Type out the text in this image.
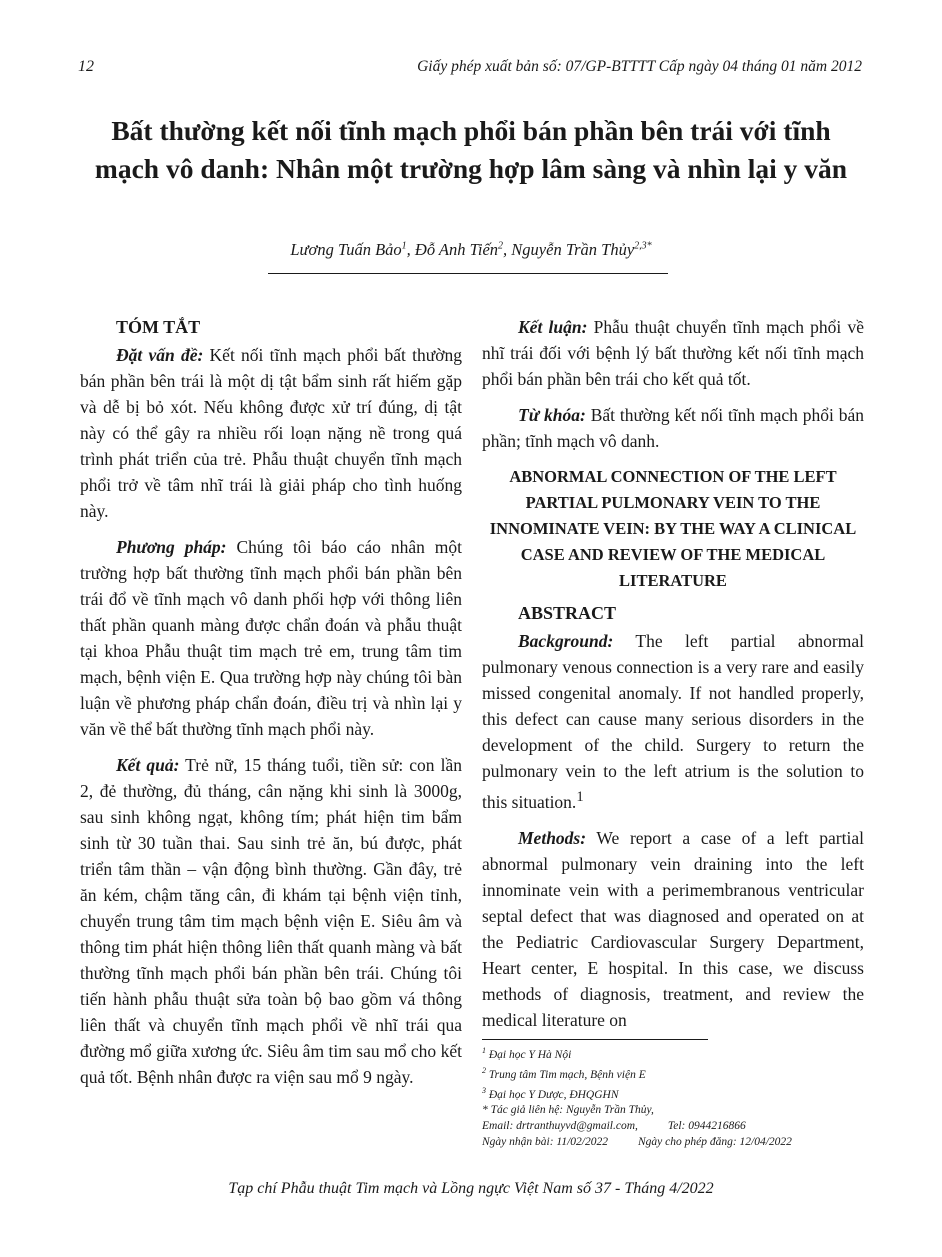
12	Giấy phép xuất bản số: 07/GP-BTTTT Cấp ngày 04 tháng 01 năm 2012
Bất thường kết nối tĩnh mạch phổi bán phần bên trái với tĩnh
mạch vô danh: Nhân một trường hợp lâm sàng và nhìn lại y văn
Lương Tuấn Bảo$^1$, Đỗ Anh Tiến$^2$, Nguyễn Trần Thủy$^{2,3*}$
TÓM TẮT

Đặt vấn đề: Kết nối tĩnh mạch phổi bất thường bán phần bên trái là một dị tật bẩm sinh rất hiếm gặp và dễ bị bỏ xót. Nếu không được xử trí đúng, dị tật này có thể gây ra nhiều rối loạn nặng nề trong quá trình phát triển của trẻ. Phẫu thuật chuyển tĩnh mạch phổi trở về tâm nhĩ trái là giải pháp cho tình huống này.

Phương pháp: Chúng tôi báo cáo nhân một trường hợp bất thường tĩnh mạch phổi bán phần bên trái đổ về tĩnh mạch vô danh phối hợp với thông liên thất phần quanh màng được chẩn đoán và phẫu thuật tại khoa Phẫu thuật tim mạch trẻ em, trung tâm tim mạch, bệnh viện E. Qua trường hợp này chúng tôi bàn luận về phương pháp chẩn đoán, điều trị và nhìn lại y văn về thể bất thường tĩnh mạch phổi này.

Kết quả: Trẻ nữ, 15 tháng tuổi, tiền sử: con lần 2, đẻ thường, đủ tháng, cân nặng khi sinh là 3000g, sau sinh không ngạt, không tím; phát hiện tim bẩm sinh từ 30 tuần thai. Sau sinh trẻ ăn, bú được, phát triển tâm thần – vận động bình thường. Gần đây, trẻ ăn kém, chậm tăng cân, đi khám tại bệnh viện tỉnh, chuyển trung tâm tim mạch bệnh viện E. Siêu âm và thông tim phát hiện thông liên thất quanh màng và bất thường tĩnh mạch phổi bán phần bên trái. Chúng tôi tiến hành phẫu thuật sửa toàn bộ bao gồm vá thông liên thất và chuyển tĩnh mạch phổi về nhĩ trái qua đường mổ giữa xương ức. Siêu âm tim sau mổ cho kết quả tốt. Bệnh nhân được ra viện sau mổ 9 ngày.

Kết luận: Phẫu thuật chuyển tĩnh mạch phổi về nhĩ trái đối với bệnh lý bất thường kết nối tĩnh mạch phổi bán phần bên trái cho kết quả tốt.

Từ khóa: Bất thường kết nối tĩnh mạch phổi bán phần; tĩnh mạch vô danh.

ABNORMAL CONNECTION OF THE LEFT PARTIAL PULMONARY VEIN TO THE INNOMINATE VEIN: BY THE WAY A CLINICAL CASE AND REVIEW OF THE MEDICAL LITERATURE
ABSTRACT

Background: The left partial abnormal pulmonary venous connection is a very rare and easily missed congenital anomaly. If not handled properly, this defect can cause many serious disorders in the development of the child. Surgery to return the pulmonary vein to the left atrium is the solution to this situation.$^1$

Methods: We report a case of a left partial abnormal pulmonary vein draining into the left innominate vein with a perimembranous ventricular septal defect that was diagnosed and operated on at the Pediatric Cardiovascular Surgery Department, Heart center, E hospital. In this case, we discuss methods of diagnosis, treatment, and review the medical literature on

$^1$ Đại học Y Hà Nội
$^2$ Trung tâm Tim mạch, Bệnh viện E
$^3$ Đại học Y Dược, ĐHQGHN
* Tác giả liên hệ: Nguyễn Trần Thủy,
Email: drtranthuyvd@gmail.com,	Tel: 0944216866
Ngày nhận bài: 11/02/2022	Ngày cho phép đăng: 12/04/2022
Tạp chí Phẫu thuật Tim mạch và Lồng ngực Việt Nam số 37 - Tháng 4/2022
